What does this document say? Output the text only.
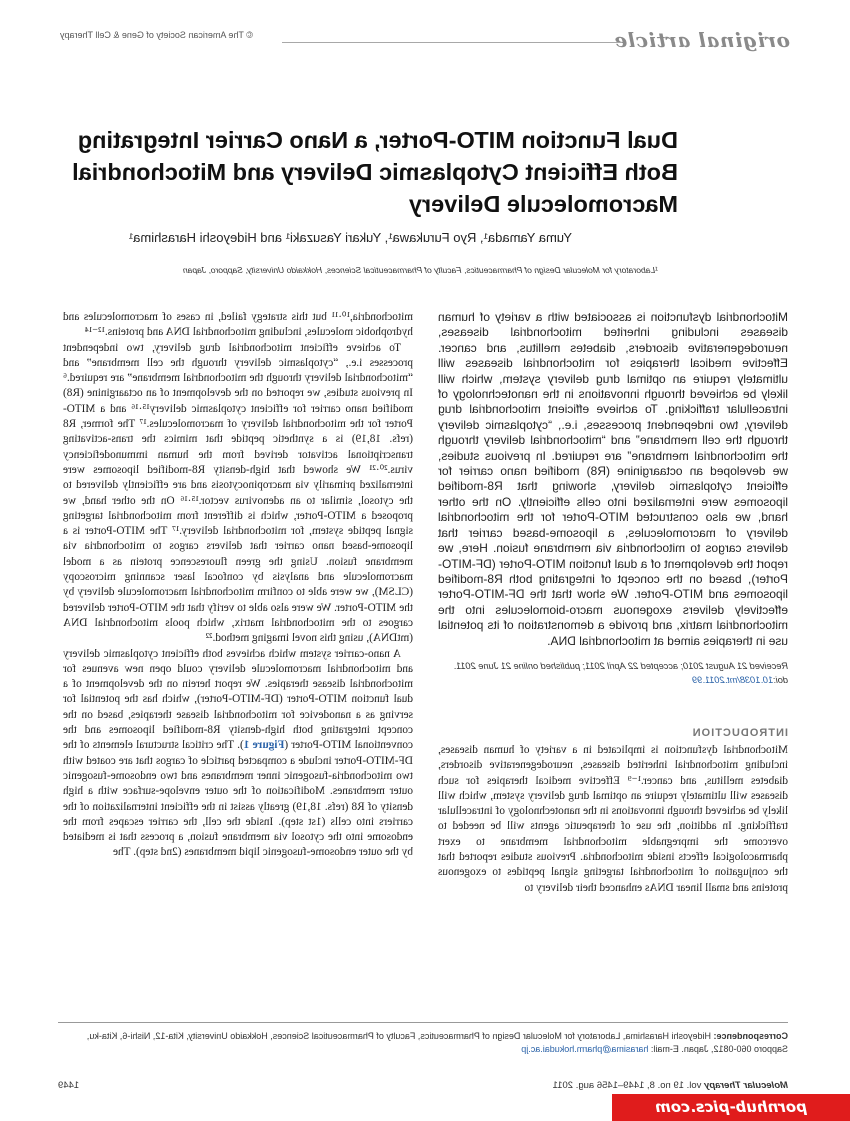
original article
© The American Society of Gene & Cell Therapy
Dual Function MITO-Porter, a Nano Carrier Integrating Both Efficient Cytoplasmic Delivery and Mitochondrial Macromolecule Delivery
Yuma Yamada¹, Ryo Furukawa¹, Yukari Yasuzaki¹ and Hideyoshi Harashima¹
¹Laboratory for Molecular Design of Pharmaceutics, Faculty of Pharmaceutical Sciences, Hokkaido University, Sapporo, Japan

Mitochondrial dysfunction is associated with a variety of human diseases including inherited mitochondrial diseases, neurodegenerative disorders, diabetes mellitus, and cancer. Effective medical therapies for mitochondrial diseases will ultimately require an optimal drug delivery system, which will likely be achieved through innovations in the nanotechnology of intracellular trafficking. To achieve efficient mitochondrial drug delivery, two independent processes, i.e., “cytoplasmic delivery through the cell membrane” and “mitochondrial delivery through the mitochondrial membrane” are required. In previous studies, we developed an octaarginine (R8) modified nano carrier for efficient cytoplasmic delivery, showing that R8-modified liposomes were internalized into cells efficiently. On the other hand, we also constructed MITO-Porter for the mitochondrial delivery of macromolecules, a liposome-based carrier that delivers cargos to mitochondria via membrane fusion. Here, we report the development of a dual function MITO-Porter (DF-MITO-Porter), based on the concept of integrating both R8-modified liposomes and MITO-Porter. We show that the DF-MITO-Porter effectively delivers exogenous macro-biomolecules into the mitochondrial matrix, and provide a demonstration of its potential use in therapies aimed at mitochondrial DNA.

Received 21 August 2010; accepted 22 April 2011; published online 21 June 2011. doi:10.1038/mt.2011.99

INTRODUCTION

Mitochondrial dysfunction is implicated in a variety of human diseases, including mitochondrial inherited diseases, neurodegenerative disorders, diabetes mellitus, and cancer.¹⁻⁹ Effective medical therapies for such diseases will ultimately require an optimal drug delivery system, which will likely be achieved through innovations in the nanotechnology of intracellular trafficking. In addition, the use of therapeutic agents will be needed to overcome the impregnable mitochondrial membrane to exert pharmacological effects inside mitochondria. Previous studies reported that the conjugation of mitochondrial targeting signal peptides to exogenous proteins and small linear DNAs enhanced their delivery to

mitochondria,¹⁰·¹¹ but this strategy failed, in cases of macromolecules and hydrophobic molecules, including mitochondrial DNA and proteins.¹²⁻¹⁴

To achieve efficient mitochondrial drug delivery, two independent processes i.e., “cytoplasmic delivery through the cell membrane” and “mitochondrial delivery through the mitochondrial membrane” are required.⁶ In previous studies, we reported on the development of an octaarginine (R8) modified nano carrier for efficient cytoplasmic delivery¹⁵·¹⁶ and a MITO-Porter for the mitochondrial delivery of macromolecules.¹⁷ The former, R8 (refs. 18,19) is a synthetic peptide that mimics the trans-activating transcriptional activator derived from the human immunodeficiency virus.²⁰·²¹ We showed that high-density R8-modified liposomes were internalized primarily via macropinocytosis and are efficiently delivered to the cytosol, similar to an adenovirus vector.¹⁵·¹⁶ On the other hand, we proposed a MITO-Porter, which is different from mitochondrial targeting signal peptide system, for mitochondrial delivery.¹⁷ The MITO-Porter is a liposome-based nano carrier that delivers cargos to mitochondria via membrane fusion. Using the green fluorescence protein as a model macromolecule and analysis by confocal laser scanning microscopy (CLSM), we were able to confirm mitochondrial macromolecule delivery by the MITO-Porter. We were also able to verify that the MITO-Porter delivered cargoes to the mitochondrial matrix, which pools mitochondrial DNA (mtDNA), using this novel imaging method.²²

A nano-carrier system which achieves both efficient cytoplasmic delivery and mitochondrial macromolecule delivery could open new avenues for mitochondrial disease therapies. We report herein on the development of a dual function MITO-Porter (DF-MITO-Porter), which has the potential for serving as a nanodevice for mitochondrial disease therapies, based on the concept integrating both high-density R8-modified liposomes and the conventional MITO-Porter (Figure 1). The critical structural elements of the DF-MITO-Porter include a compacted particle of cargos that are coated with two mitochondria-fusogenic inner membranes and two endosome-fusogenic outer membranes. Modification of the outer envelope-surface with a high density of R8 (refs. 18,19) greatly assist in the efficient internalization of the carriers into cells (1st step). Inside the cell, the carrier escapes from the endosome into the cytosol via membrane fusion, a process that is mediated by the outer endosome-fusogenic lipid membranes (2nd step). The

Correspondence: Hideyoshi Harashima, Laboratory for Molecular Design of Pharmaceutics, Faculty of Pharmaceutical Sciences, Hokkaido University, Kita-12, Nishi-6, Kita-ku, Sapporo 060-0812, Japan. E-mail: harasima@pharm.hokudai.ac.jp
Molecular Therapy vol. 19 no. 8, 1449–1456 aug. 2011
1449
pornhub-pics.com
